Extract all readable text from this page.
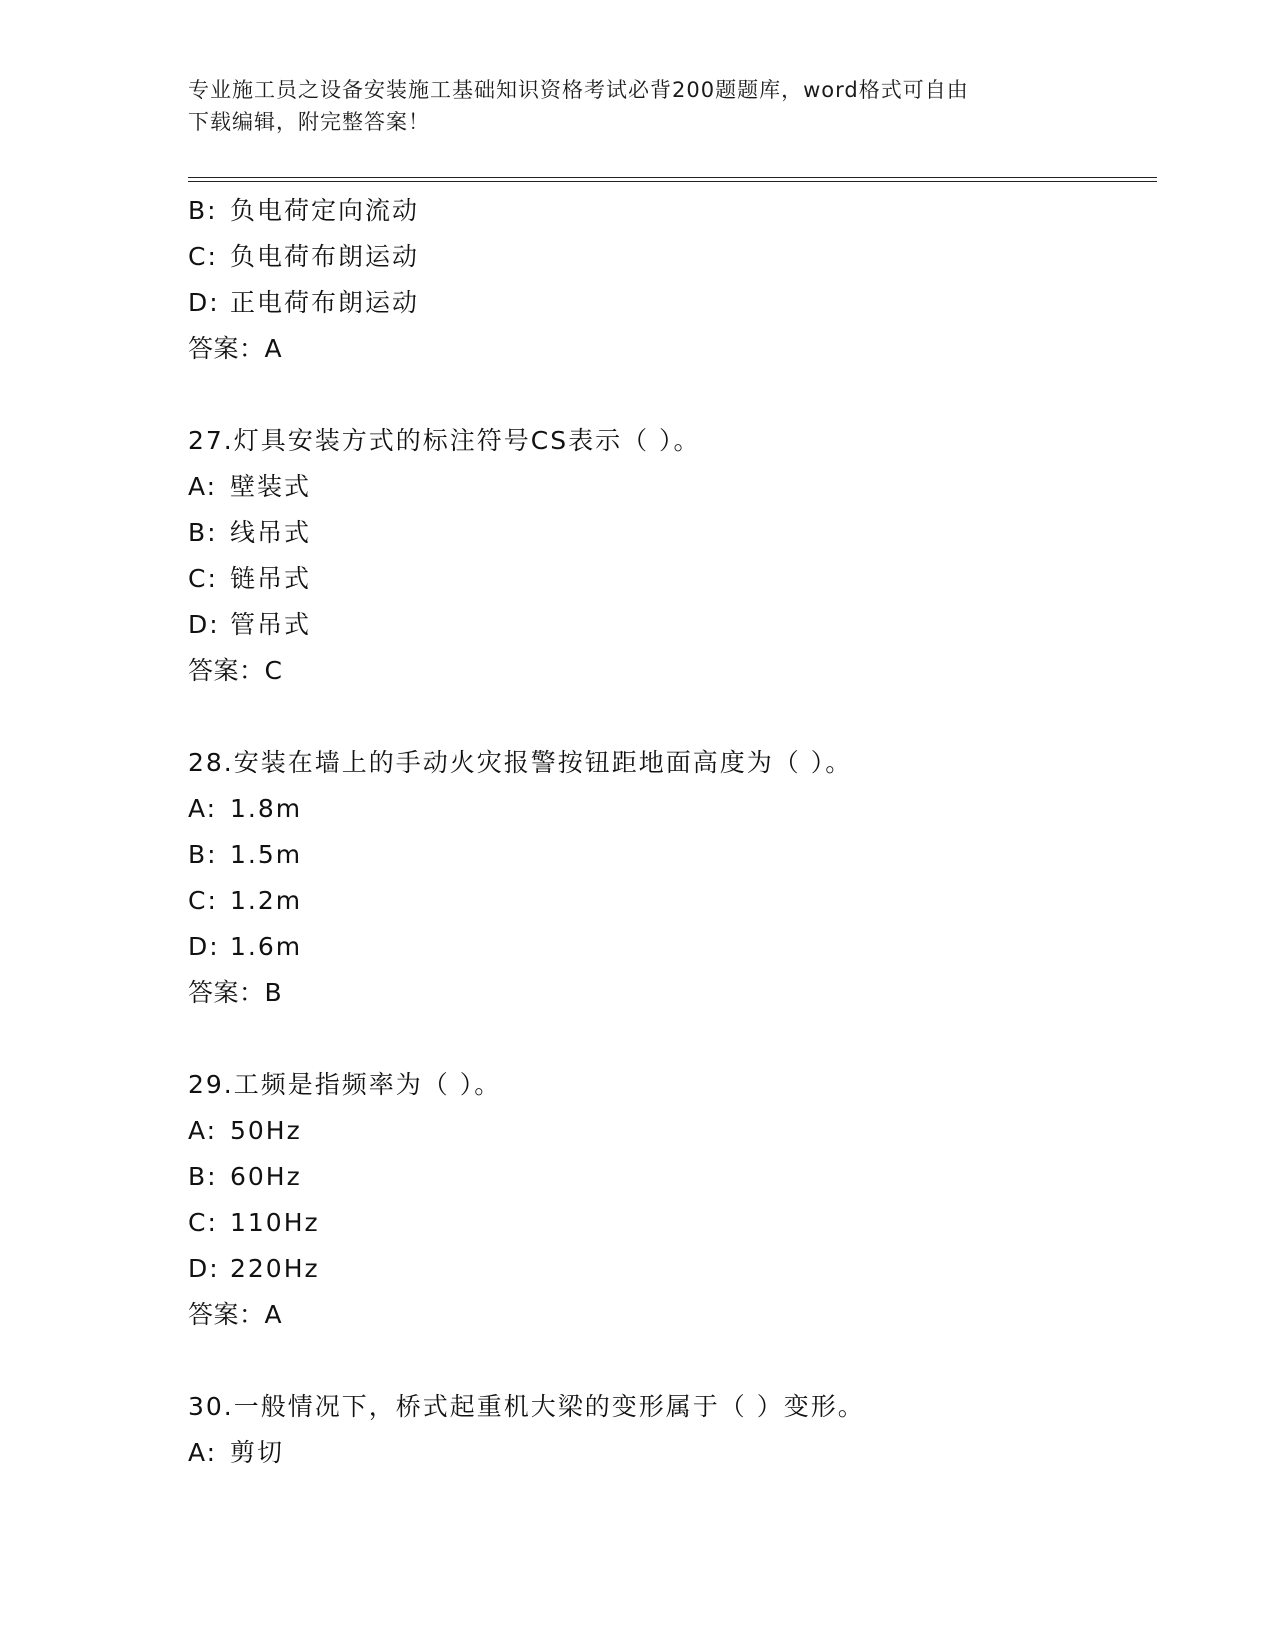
专业施工员之设备安装施工基础知识资格考试必背200题题库，word格式可自由
下载编辑，附完整答案！
B: 负电荷定向流动
C: 负电荷布朗运动
D: 正电荷布朗运动
答案：A
27.灯具安装方式的标注符号CS表示（ ）。
A: 壁装式
B: 线吊式
C: 链吊式
D: 管吊式
答案：C
28.安装在墙上的手动火灾报警按钮距地面高度为（ ）。
A: 1.8m
B: 1.5m
C: 1.2m
D: 1.6m
答案：B
29.工频是指频率为（ ）。
A: 50Hz
B: 60Hz
C: 110Hz
D: 220Hz
答案：A
30.一般情况下，桥式起重机大梁的变形属于（ ）变形。
A: 剪切
